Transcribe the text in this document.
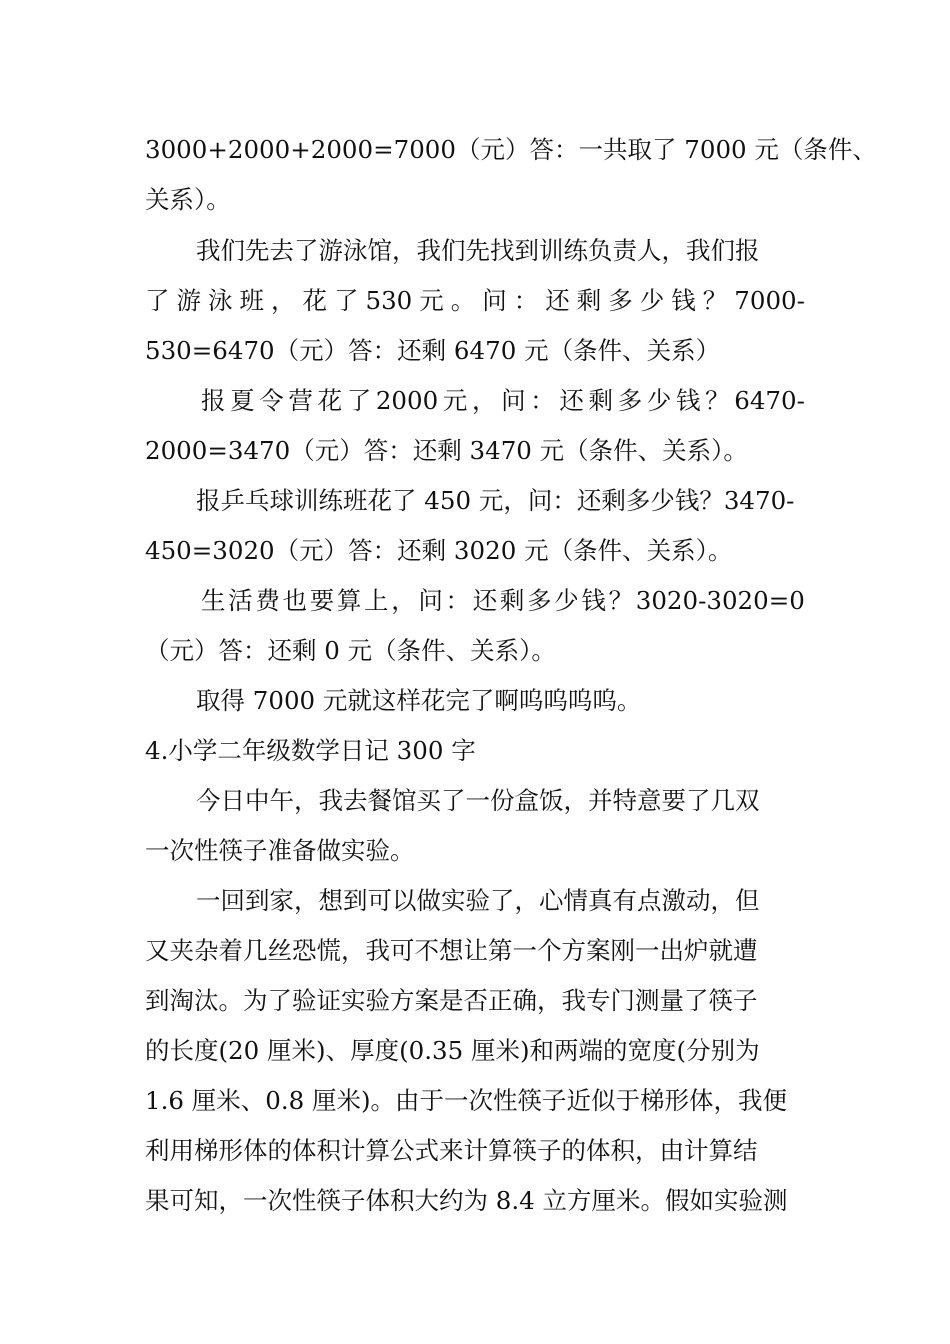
3000+2000+2000=7000（元）答：一共取了 7000 元（条件、
关系）。
我们先去了游泳馆，我们先找到训练负责人，我们报
了 游 泳 班 ， 花 了 530 元 。 问 ： 还 剩 多 少 钱 ？ 7000-
530=6470（元）答：还剩 6470 元（条件、关系）
报 夏 令 营 花 了 2000 元 ， 问 ： 还 剩 多 少 钱 ？ 6470-
2000=3470（元）答：还剩 3470 元（条件、关系）。
报乒乓球训练班花了 450 元，问：还剩多少钱？3470-
450=3020（元）答：还剩 3020 元（条件、关系）。
生 活 费 也 要 算 上 ， 问 ： 还 剩 多 少 钱 ？ 3020-3020=0
（元）答：还剩 0 元（条件、关系）。
取得 7000 元就这样花完了啊呜呜呜呜。
4.小学二年级数学日记 300 字
今日中午，我去餐馆买了一份盒饭，并特意要了几双
一次性筷子准备做实验。
一回到家，想到可以做实验了，心情真有点激动，但
又夹杂着几丝恐慌，我可不想让第一个方案刚一出炉就遭
到淘汰。为了验证实验方案是否正确，我专门测量了筷子
的长度(20 厘米)、厚度(0.35 厘米)和两端的宽度(分别为
1.6 厘米、0.8 厘米)。由于一次性筷子近似于梯形体，我便
利用梯形体的体积计算公式来计算筷子的体积，由计算结
果可知，一次性筷子体积大约为 8.4 立方厘米。假如实验测
